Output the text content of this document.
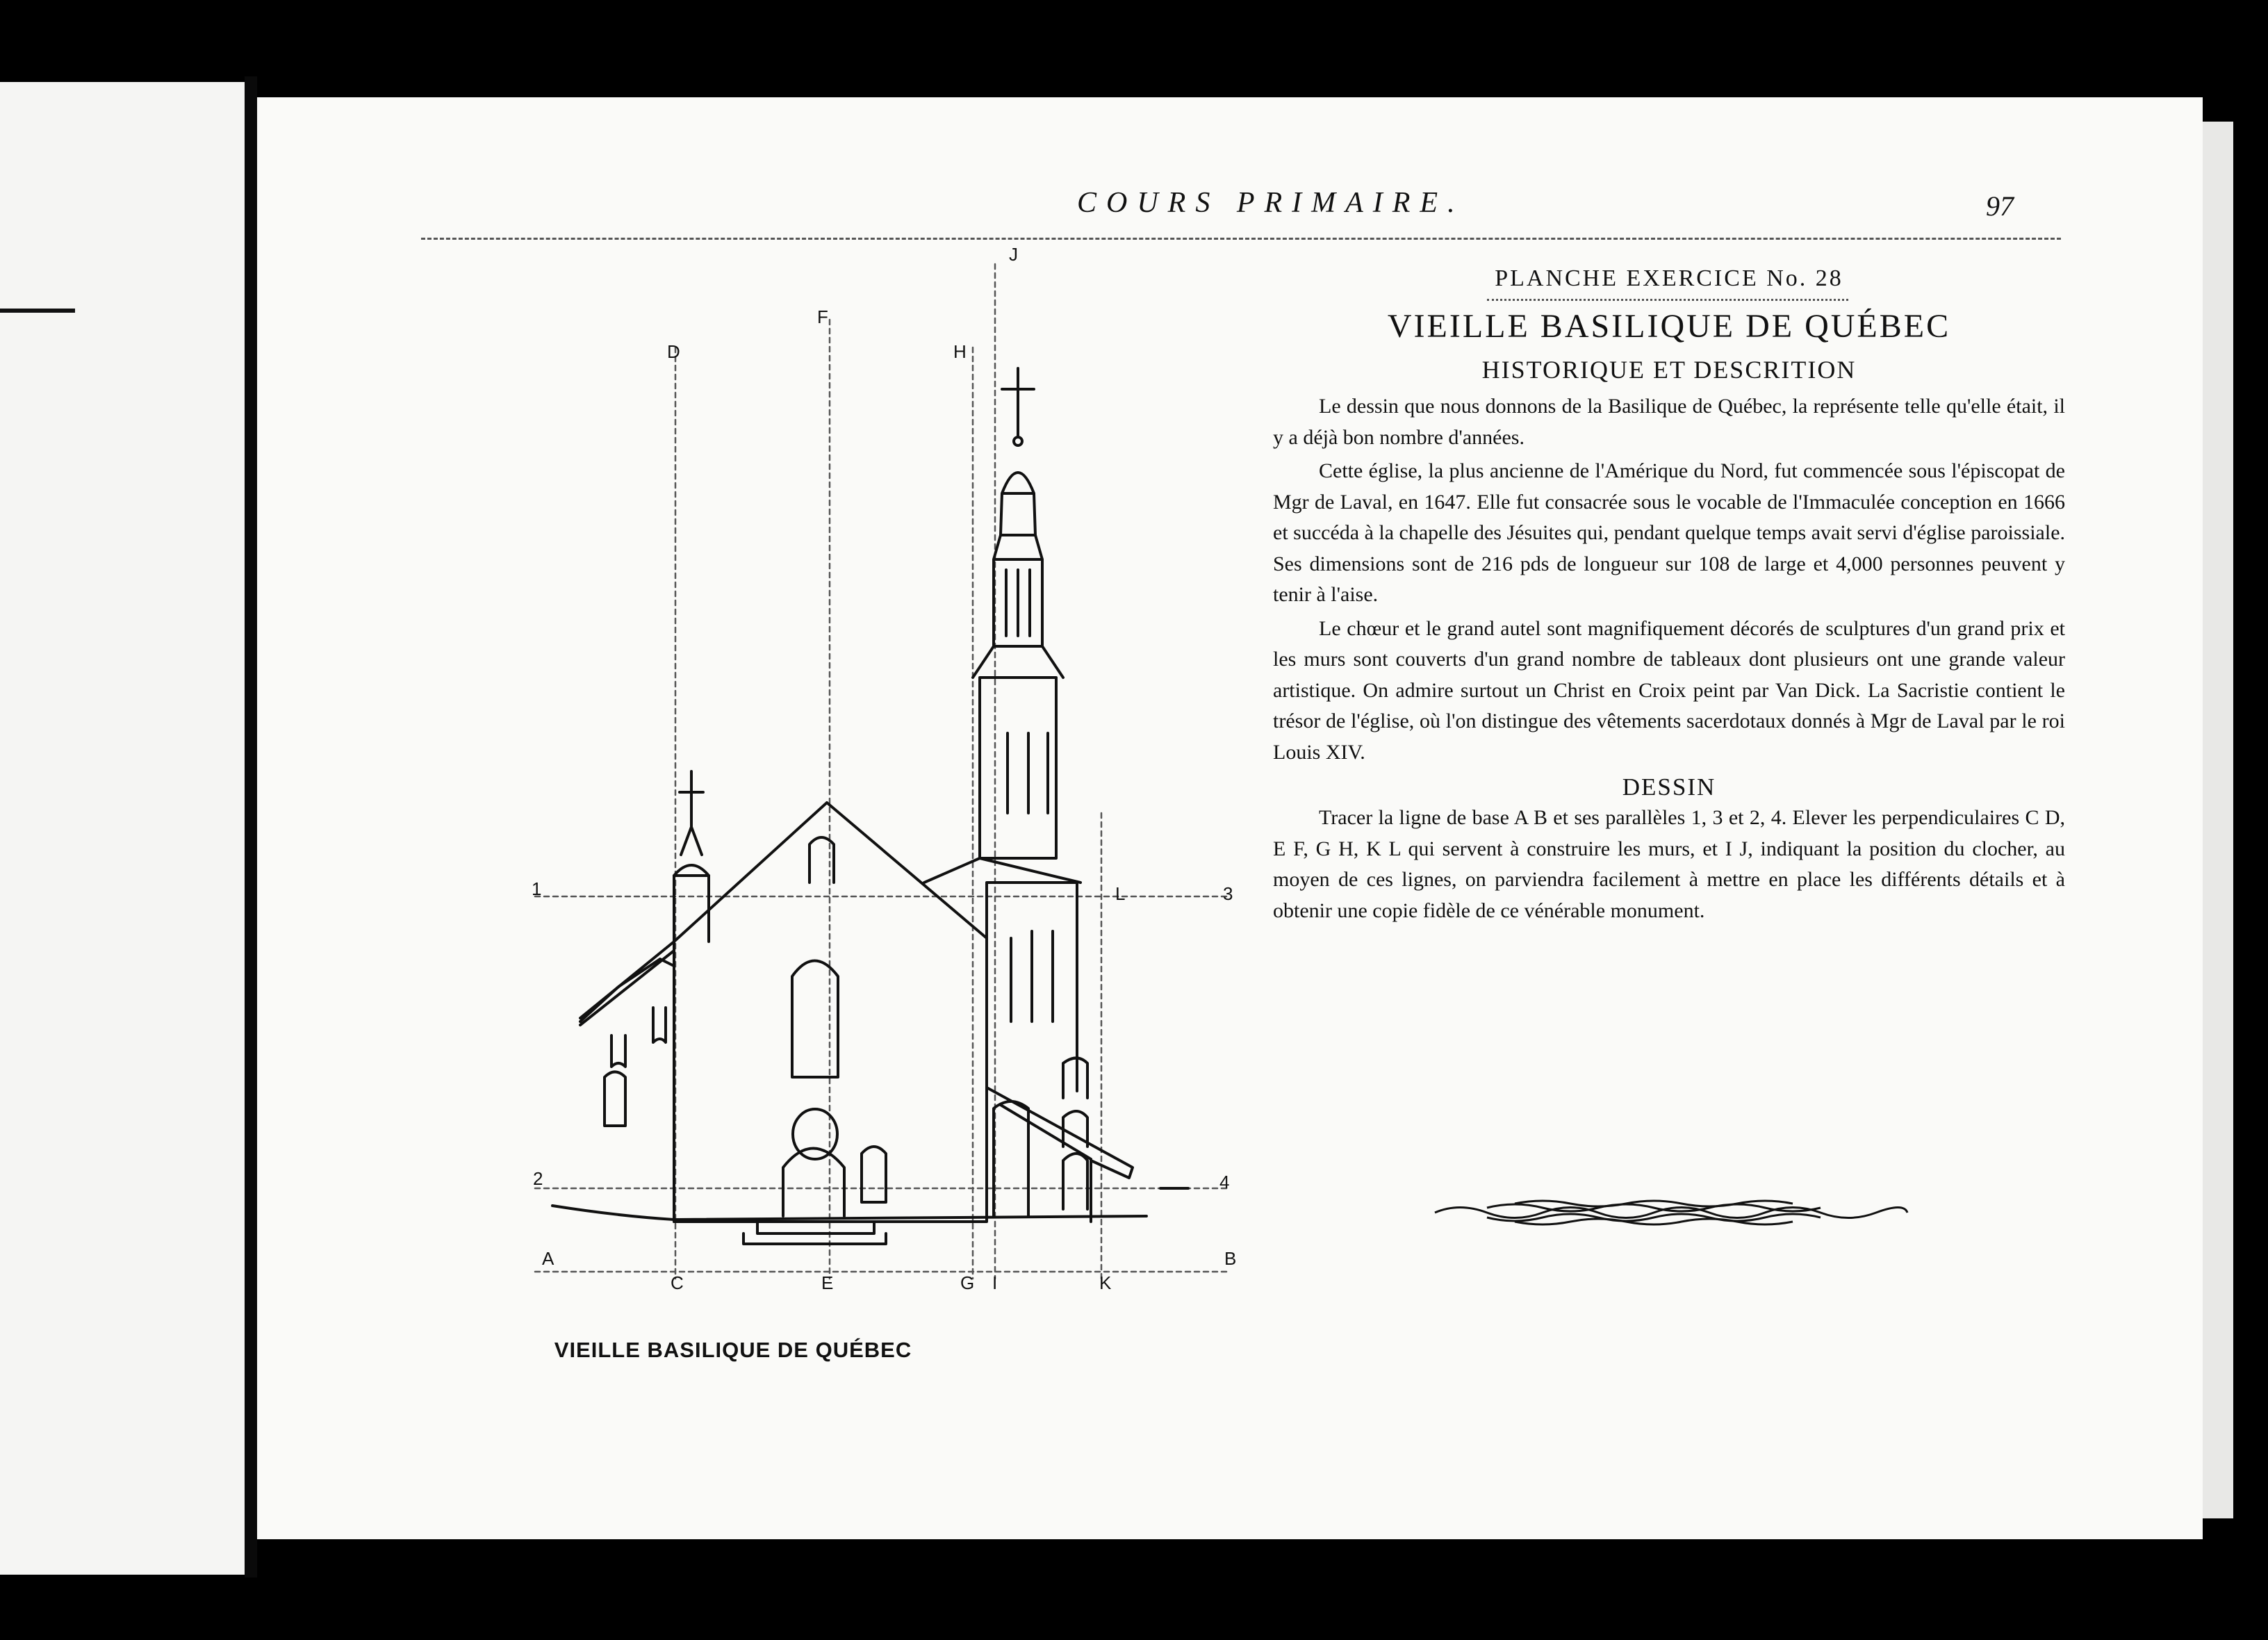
COURS PRIMAIRE.	97
A	B
C
D
E
F
G
H
I
J
K
L
1
2
3
4
VIEILLE BASILIQUE DE QUÉBEC
PLANCHE EXERCICE No. 28
VIEILLE BASILIQUE DE QUÉBEC
HISTORIQUE ET DESCRITION

Le dessin que nous donnons de la Basilique de Québec, la représente telle qu'elle était, il y a déjà bon nombre d'années.

Cette église, la plus ancienne de l'Amérique du Nord, fut commencée sous l'épiscopat de Mgr de Laval, en 1647. Elle fut consacrée sous le vocable de l'Immaculée conception en 1666 et succéda à la chapelle des Jésuites qui, pendant quelque temps avait servi d'église paroissiale. Ses dimensions sont de 216 pds de longueur sur 108 de large et 4,000 personnes peuvent y tenir à l'aise.

Le chœur et le grand autel sont magnifiquement décorés de sculptures d'un grand prix et les murs sont couverts d'un grand nombre de tableaux dont plusieurs ont une grande valeur artistique. On admire surtout un Christ en Croix peint par Van Dick. La Sacristie contient le trésor de l'église, où l'on distingue des vêtements sacerdotaux donnés à Mgr de Laval par le roi Louis XIV.

DESSIN

Tracer la ligne de base A B et ses parallèles 1, 3 et 2, 4. Elever les perpendiculaires C D, E F, G H, K L qui servent à construire les murs, et I J, indiquant la position du clocher, au moyen de ces lignes, on parviendra facilement à mettre en place les différents détails et à obtenir une copie fidèle de ce vénérable monument.
